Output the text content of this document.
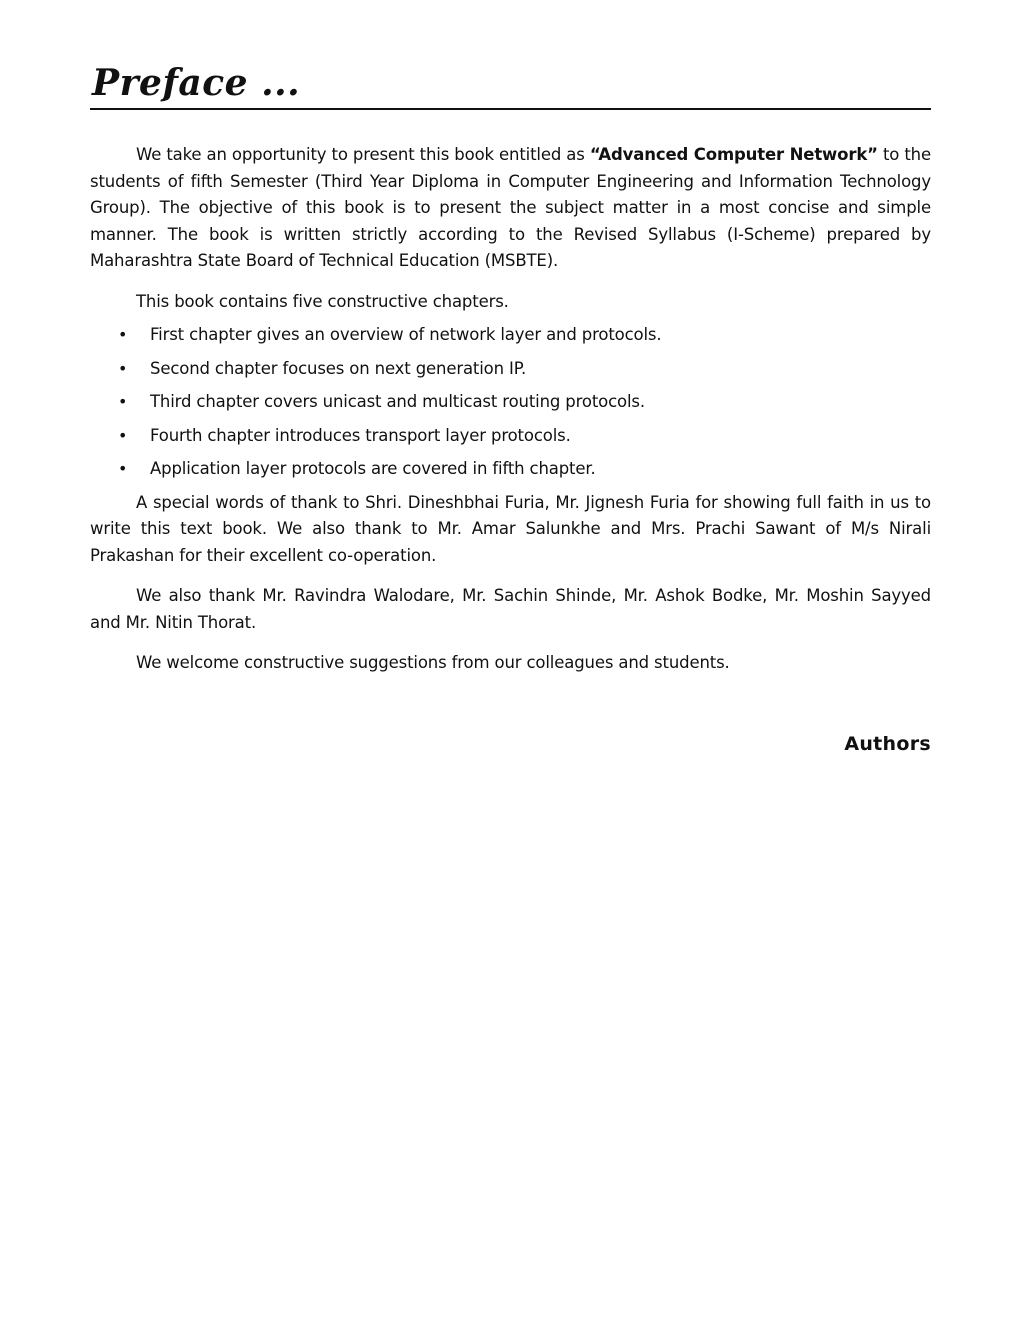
Preface ...

We take an opportunity to present this book entitled as “Advanced Computer Network” to the students of fifth Semester (Third Year Diploma in Computer Engineering and Information Technology Group). The objective of this book is to present the subject matter in a most concise and simple manner. The book is written strictly according to the Revised Syllabus (I-Scheme) prepared by Maharashtra State Board of Technical Education (MSBTE).

This book contains five constructive chapters.

• First chapter gives an overview of network layer and protocols.
• Second chapter focuses on next generation IP.
• Third chapter covers unicast and multicast routing protocols.
• Fourth chapter introduces transport layer protocols.
• Application layer protocols are covered in fifth chapter.

A special words of thank to Shri. Dineshbhai Furia, Mr. Jignesh Furia for showing full faith in us to write this text book. We also thank to Mr. Amar Salunkhe and Mrs. Prachi Sawant of M/s Nirali Prakashan for their excellent co-operation.

We also thank Mr. Ravindra Walodare, Mr. Sachin Shinde, Mr. Ashok Bodke, Mr. Moshin Sayyed and Mr. Nitin Thorat.

We welcome constructive suggestions from our colleagues and students.

Authors
